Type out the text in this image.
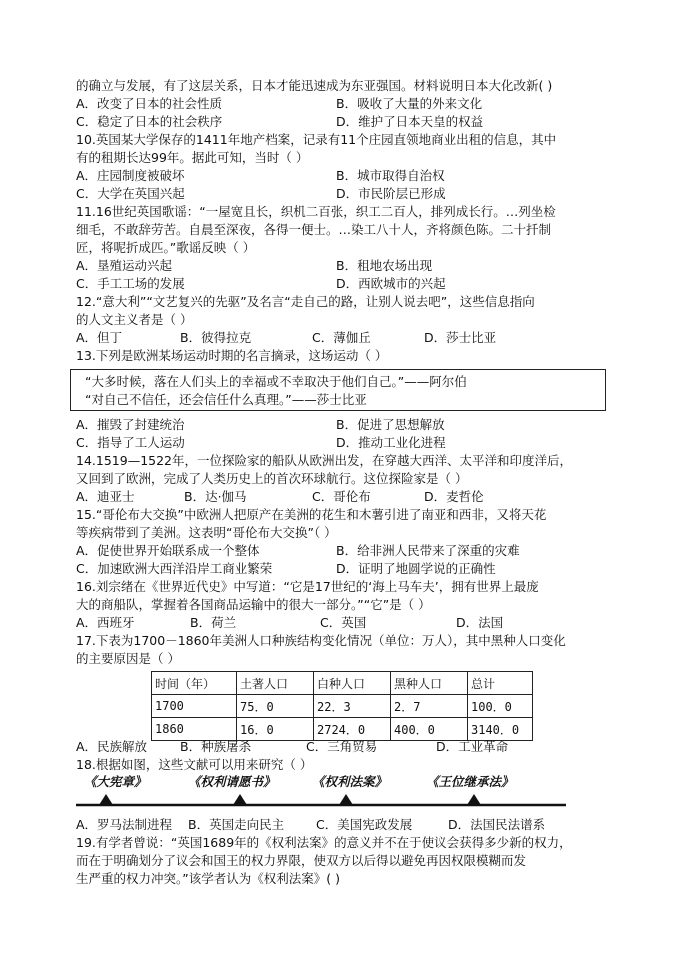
的确立与发展，有了这层关系，日本才能迅速成为东亚强国。材料说明日本大化改新( )
A．改变了日本的社会性质	B．吸收了大量的外来文化
C．稳定了日本的社会秩序	D．维护了日本天皇的权益
10.英国某大学保存的1411年地产档案，记录有11个庄园直领地商业出租的信息，其中
有的租期长达99年。据此可知，当时（ ）
A．庄园制度被破坏	B．城市取得自治权
C．大学在英国兴起	D．市民阶层已形成
11.16世纪英国歌谣：“一屋宽且长，织机二百张，织工二百人，排列成长行。…列坐检
细毛，不敢辞劳苦。自晨至深夜，各得一便士。…染工八十人，齐将颜色陈。二十扦制
匠，将呢折成匹。”歌谣反映（ ）
A．垦殖运动兴起	B．租地农场出现
C．手工工场的发展	D．西欧城市的兴起
12.“意大利”“文艺复兴的先驱”及名言“走自己的路，让别人说去吧”，这些信息指向
的人文主义者是（ ）
A．但丁	B．彼得拉克	C．薄伽丘	D．莎士比亚
13.下列是欧洲某场运动时期的名言摘录，这场运动（ ）
“大多时候，落在人们头上的幸福或不幸取决于他们自己。”——阿尔伯
“对自己不信任，还会信任什么真理。”——莎士比亚
A．摧毁了封建统治	B．促进了思想解放
C．指导了工人运动	D．推动工业化进程
14.1519—1522年，一位探险家的船队从欧洲出发，在穿越大西洋、太平洋和印度洋后，
又回到了欧洲，完成了人类历史上的首次环球航行。这位探险家是（ ）
A．迪亚士	B．达·伽马	C．哥伦布	D．麦哲伦
15.“哥伦布大交换”中欧洲人把原产在美洲的花生和木薯引进了南亚和西非，又将天花
等疾病带到了美洲。这表明“哥伦布大交换”（ ）
A．促使世界开始联系成一个整体	B．给非洲人民带来了深重的灾难
C．加速欧洲大西洋沿岸工商业繁荣	D．证明了地圆学说的正确性
16.刘宗绪在《世界近代史》中写道：“它是17世纪的‘海上马车夫’，拥有世界上最庞
大的商船队，掌握着各国商品运输中的很大一部分。”“它”是（ ）
A．西班牙	B．荷兰	C．英国	D．法国
17.下表为1700－1860年美洲人口种族结构变化情况（单位：万人），其中黑种人口变化
的主要原因是（ ）
时间（年）	土著人口	白种人口	黑种人口	总计
1700	75．0	22．3	2．7	100．0
1860	16．0	2724．0	400．0	3140．0
A．民族解放	B．种族屠杀	C．三角贸易	D．工业革命
18.根据如图，这些文献可以用来研究（ ）
《大宪章》	《权利请愿书》	《权利法案》	《王位继承法》
A．罗马法制进程 B．英国走向民主	C．美国宪政发展	D．法国民法谱系
19.有学者曾说：“英国1689年的《权利法案》的意义并不在于使议会获得多少新的权力，
而在于明确划分了议会和国王的权力界限，使双方以后得以避免再因权限模糊而发
生严重的权力冲突。”该学者认为《权利法案》( )
